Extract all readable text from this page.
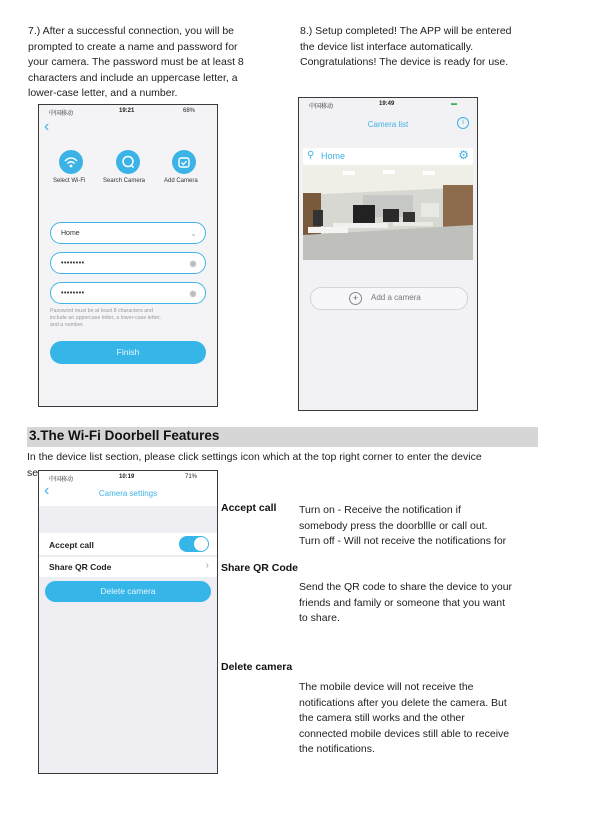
7.) After a successful connection, you will be
prompted to create a name and password for
your camera. The password must be at least 8
characters and include an uppercase letter, a
lower-case letter, and a number.
8.) Setup completed! The APP will be entered
the device list interface automatically.
Congratulations! The device is ready for use.
中国移动	19:21	68%
‹
Select Wi-Fi	Search Camera	Add Camera
Home	⌄
••••••••	◉
••••••••	◉
Password must be at least 8 characters and
include an uppercase letter, a lower-case letter,
and a number.
Finish
中国移动	19:49	▬
Camera list	i
⚲ Home	⚙
+	Add a camera
3.The Wi-Fi Doorbell Features
In the device list section, please click settings icon which at the top right corner to enter the device
se
中国移动	10:19	71%
‹	Camera settings
Accept call
Share QR Code	›
Delete camera
Accept call Turn on - Receive the notification if
somebody press the doorbllle or call out.
Turn off - Will not receive the notifications for
Share QR Code
Send the QR code to share the device to your
friends and family or someone that you want
to share.
Delete camera
The mobile device will not receive the
notifications after you delete the camera. But
the camera still works and the other
connected mobile devices still able to receive
the notifications.
